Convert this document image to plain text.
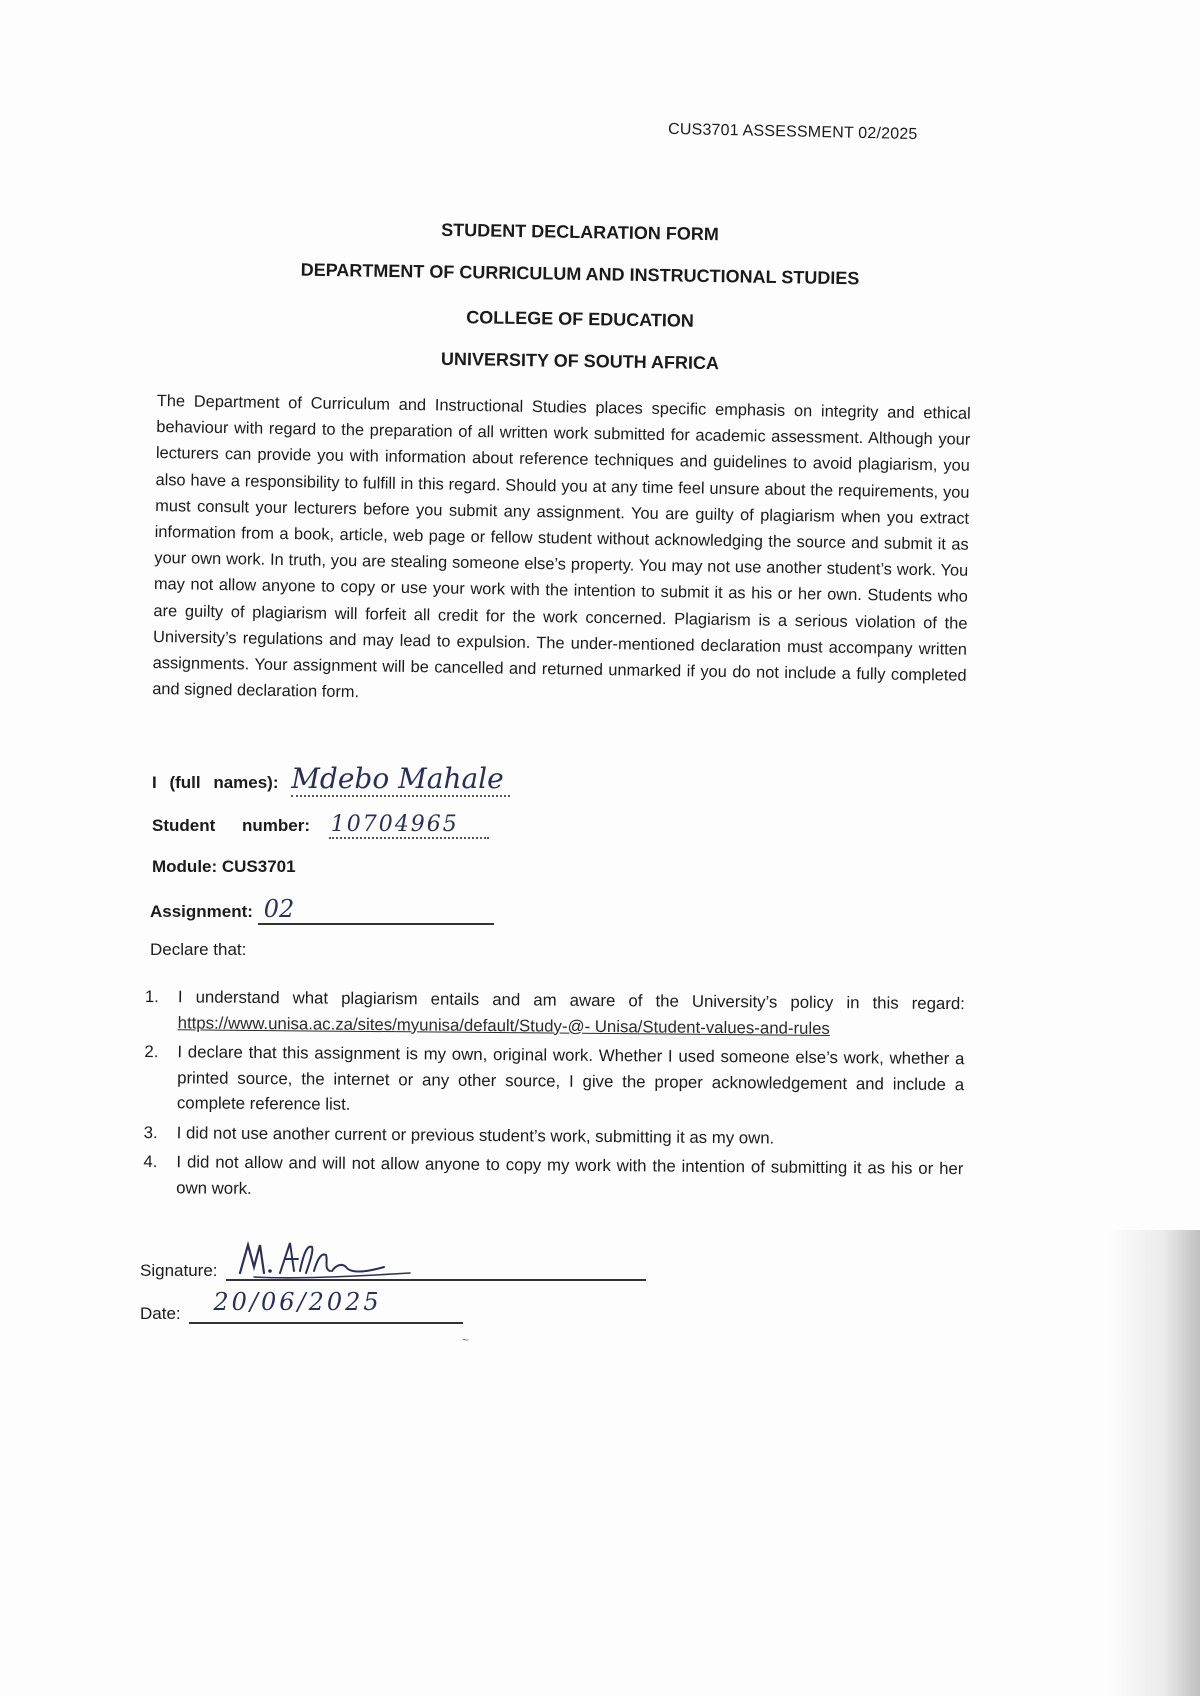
CUS3701 ASSESSMENT 02/2025
STUDENT DECLARATION FORM
DEPARTMENT OF CURRICULUM AND INSTRUCTIONAL STUDIES
COLLEGE OF EDUCATION
UNIVERSITY OF SOUTH AFRICA
The Department of Curriculum and Instructional Studies places specific emphasis on integrity and ethical behaviour with regard to the preparation of all written work submitted for academic assessment. Although your lecturers can provide you with information about reference techniques and guidelines to avoid plagiarism, you also have a responsibility to fulfill in this regard. Should you at any time feel unsure about the requirements, you must consult your lecturers before you submit any assignment. You are guilty of plagiarism when you extract information from a book, article, web page or fellow student without acknowledging the source and submit it as your own work. In truth, you are stealing someone else’s property. You may not use another student’s work. You may not allow anyone to copy or use your work with the intention to submit it as his or her own. Students who are guilty of plagiarism will forfeit all credit for the work concerned. Plagiarism is a serious violation of the University’s regulations and may lead to expulsion. The under-mentioned declaration must accompany written assignments. Your assignment will be cancelled and returned unmarked if you do not include a fully completed and signed declaration form.
I (full names): Mdebo Mahale
Student number: 10704965
Module: CUS3701
Assignment: 02
Declare that:
1. I understand what plagiarism entails and am aware of the University’s policy in this regard: https://www.unisa.ac.za/sites/myunisa/default/Study-@- Unisa/Student-values-and-rules
2. I declare that this assignment is my own, original work. Whether I used someone else’s work, whether a printed source, the internet or any other source, I give the proper acknowledgement and include a complete reference list.
3. I did not use another current or previous student’s work, submitting it as my own.
4. I did not allow and will not allow anyone to copy my work with the intention of submitting it as his or her own work.
Signature:
Date: 20/06/2025
~
